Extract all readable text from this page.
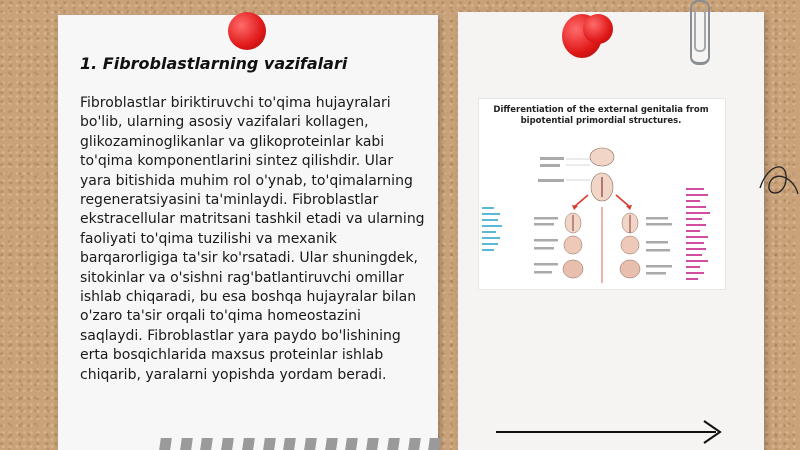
1. Fibroblastlarning vazifalari

Fibroblastlar biriktiruvchi to'qima hujayralari bo'lib, ularning asosiy vazifalari kollagen, glikozaminoglikanlar va glikoproteinlar kabi to'qima komponentlarini sintez qilishdir. Ular yara bitishida muhim rol o'ynab, to'qimalarning regeneratsiyasini ta'minlaydi. Fibroblastlar ekstracellular matritsani tashkil etadi va ularning faoliyati to'qima tuzilishi va mexanik barqarorligiga ta'sir ko'rsatadi. Ular shuningdek, sitokinlar va o'sishni rag'batlantiruvchi omillar ishlab chiqaradi, bu esa boshqa hujayralar bilan o'zaro ta'sir orqali to'qima homeostazini saqlaydi. Fibroblastlar yara paydo bo'lishining erta bosqichlarida maxsus proteinlar ishlab chiqarib, yaralarni yopishda yordam beradi.

Differentiation of the external genitalia from bipotential primordial structures.
